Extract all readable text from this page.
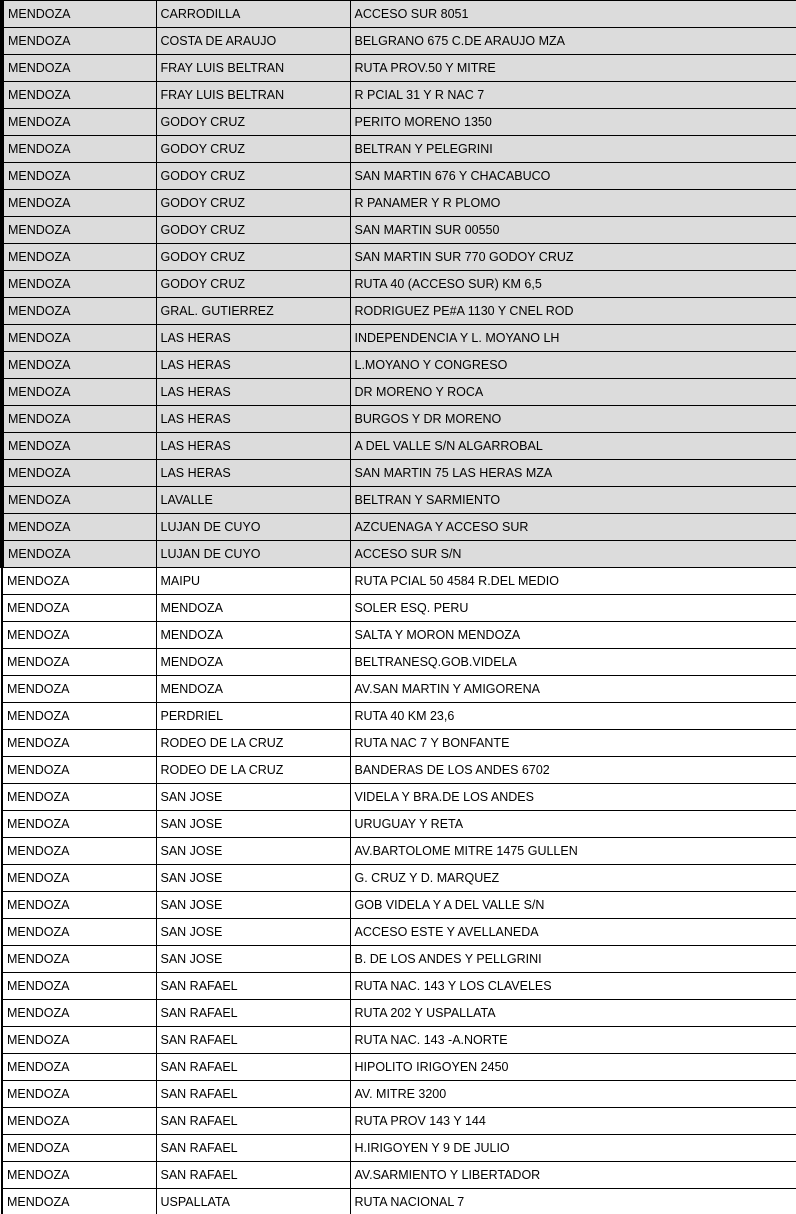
MENDOZA	CARRODILLA	ACCESO SUR 8051
MENDOZA	COSTA DE ARAUJO	BELGRANO 675 C.DE ARAUJO MZA
MENDOZA	FRAY LUIS BELTRAN	RUTA PROV.50 Y MITRE
MENDOZA	FRAY LUIS BELTRAN	R PCIAL 31 Y R NAC 7
MENDOZA	GODOY CRUZ	PERITO MORENO 1350
MENDOZA	GODOY CRUZ	BELTRAN Y PELEGRINI
MENDOZA	GODOY CRUZ	SAN MARTIN 676 Y CHACABUCO
MENDOZA	GODOY CRUZ	R PANAMER Y R PLOMO
MENDOZA	GODOY CRUZ	SAN MARTIN SUR 00550
MENDOZA	GODOY CRUZ	SAN MARTIN SUR 770 GODOY CRUZ
MENDOZA	GODOY CRUZ	RUTA 40 (ACCESO SUR) KM 6,5
MENDOZA	GRAL. GUTIERREZ	RODRIGUEZ PE#A 1130 Y CNEL ROD
MENDOZA	LAS HERAS	INDEPENDENCIA Y L. MOYANO LH
MENDOZA	LAS HERAS	L.MOYANO Y CONGRESO
MENDOZA	LAS HERAS	DR MORENO Y ROCA
MENDOZA	LAS HERAS	BURGOS Y DR MORENO
MENDOZA	LAS HERAS	A DEL VALLE S/N ALGARROBAL
MENDOZA	LAS HERAS	SAN MARTIN 75 LAS HERAS MZA
MENDOZA	LAVALLE	BELTRAN Y SARMIENTO
MENDOZA	LUJAN DE CUYO	AZCUENAGA Y ACCESO SUR
MENDOZA	LUJAN DE CUYO	ACCESO SUR S/N
MENDOZA	MAIPU	RUTA PCIAL 50 4584 R.DEL MEDIO
MENDOZA	MENDOZA	SOLER ESQ. PERU
MENDOZA	MENDOZA	SALTA Y MORON MENDOZA
MENDOZA	MENDOZA	BELTRANESQ.GOB.VIDELA
MENDOZA	MENDOZA	AV.SAN MARTIN Y AMIGORENA
MENDOZA	PERDRIEL	RUTA 40 KM 23,6
MENDOZA	RODEO DE LA CRUZ	RUTA NAC 7 Y BONFANTE
MENDOZA	RODEO DE LA CRUZ	BANDERAS DE LOS ANDES 6702
MENDOZA	SAN JOSE	VIDELA Y BRA.DE LOS ANDES
MENDOZA	SAN JOSE	URUGUAY Y RETA
MENDOZA	SAN JOSE	AV.BARTOLOME MITRE 1475 GULLEN
MENDOZA	SAN JOSE	G. CRUZ Y D. MARQUEZ
MENDOZA	SAN JOSE	GOB VIDELA Y A DEL VALLE S/N
MENDOZA	SAN JOSE	ACCESO ESTE Y AVELLANEDA
MENDOZA	SAN JOSE	B. DE LOS ANDES Y PELLGRINI
MENDOZA	SAN RAFAEL	RUTA NAC. 143 Y LOS CLAVELES
MENDOZA	SAN RAFAEL	RUTA 202 Y USPALLATA
MENDOZA	SAN RAFAEL	RUTA NAC. 143 -A.NORTE
MENDOZA	SAN RAFAEL	HIPOLITO IRIGOYEN 2450
MENDOZA	SAN RAFAEL	AV. MITRE 3200
MENDOZA	SAN RAFAEL	RUTA PROV 143 Y 144
MENDOZA	SAN RAFAEL	H.IRIGOYEN Y 9 DE JULIO
MENDOZA	SAN RAFAEL	AV.SARMIENTO Y LIBERTADOR
MENDOZA	USPALLATA	RUTA NACIONAL 7
